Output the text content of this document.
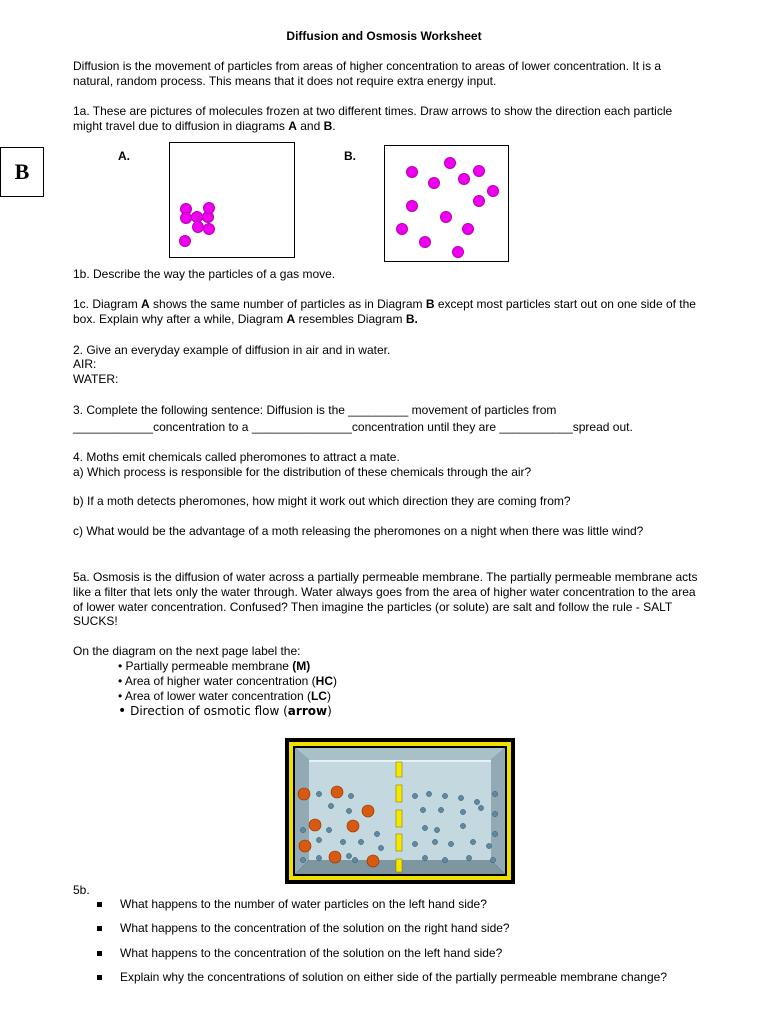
Diffusion and Osmosis Worksheet
B
Diffusion is the movement of particles from areas of higher concentration to areas of lower concentration. It is a
natural, random process. This means that it does not require extra energy input.
1a. These are pictures of molecules frozen at two different times. Draw arrows to show the direction each particle
might travel due to diffusion in diagrams A and B.
A.	B.
1b. Describe the way the particles of a gas move.
1c. Diagram A shows the same number of particles as in Diagram B except most particles start out on one side of the
box. Explain why after a while, Diagram A resembles Diagram B.
2. Give an everyday example of diffusion in air and in water.
AIR:
WATER:
3. Complete the following sentence: Diffusion is the _________ movement of particles from
____________concentration to a _______________concentration until they are ___________spread out.
4. Moths emit chemicals called pheromones to attract a mate.
a) Which process is responsible for the distribution of these chemicals through the air?
b) If a moth detects pheromones, how might it work out which direction they are coming from?
c) What would be the advantage of a moth releasing the pheromones on a night when there was little wind?
5a. Osmosis is the diffusion of water across a partially permeable membrane. The partially permeable membrane acts
like a filter that lets only the water through. Water always goes from the area of higher water concentration to the area
of lower water concentration. Confused? Then imagine the particles (or solute) are salt and follow the rule - SALT
SUCKS!
On the diagram on the next page label the:
• Partially permeable membrane (M)
• Area of higher water concentration (HC)
• Area of lower water concentration (LC)
• Direction of osmotic flow (arrow)
5b.
What happens to the number of water particles on the left hand side?
What happens to the concentration of the solution on the right hand side?
What happens to the concentration of the solution on the left hand side?
Explain why the concentrations of solution on either side of the partially permeable membrane change?
